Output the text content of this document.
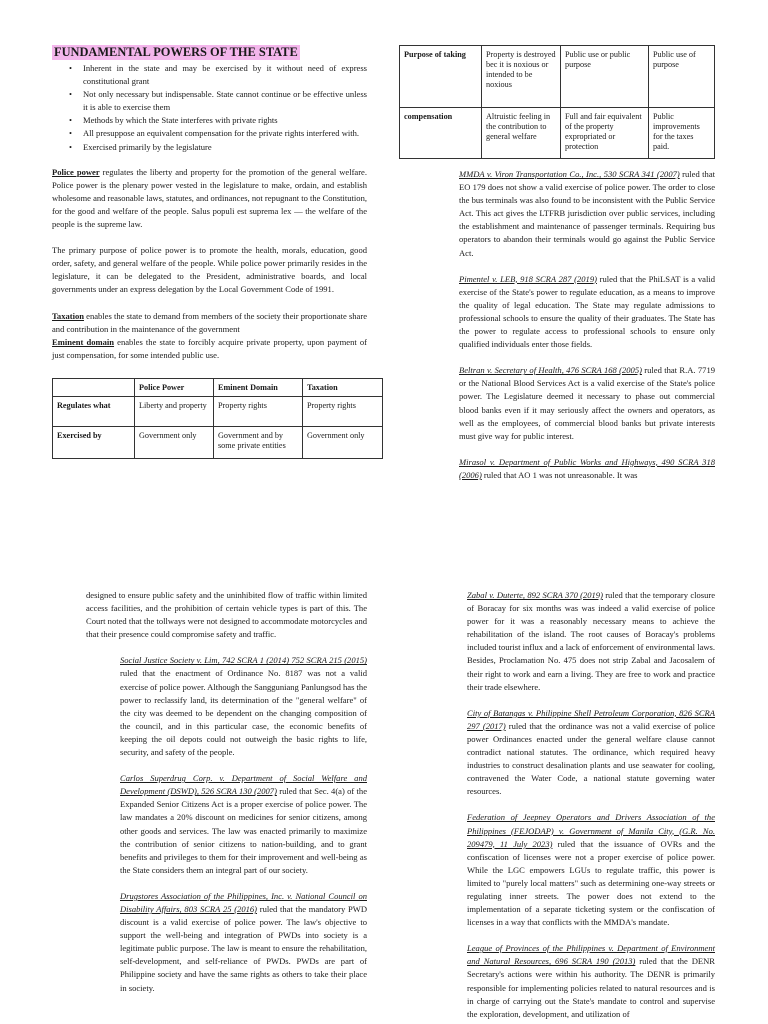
FUNDAMENTAL POWERS OF THE STATE
• Inherent in the state and may be exercised by it without need of express constitutional grant
• Not only necessary but indispensable. State cannot continue or be effective unless it is able to exercise them
• Methods by which the State interferes with private rights
• All presuppose an equivalent compensation for the private rights interfered with.
• Exercised primarily by the legislature

Police power regulates the liberty and property for the promotion of the general welfare. Police power is the plenary power vested in the legislature to make, ordain, and establish wholesome and reasonable laws, statutes, and ordinances, not repugnant to the Constitution, for the good and welfare of the people. Salus populi est suprema lex — the welfare of the people is the supreme law.

The primary purpose of police power is to promote the health, morals, education, good order, safety, and general welfare of the people. While police power primarily resides in the legislature, it can be delegated to the President, administrative boards, and local governments under an express delegation by the Local Government Code of 1991.

Taxation enables the state to demand from members of the society their proportionate share and contribution in the maintenance of the government
Eminent domain enables the state to forcibly acquire private property, upon payment of just compensation, for some intended public use.

	Police Power	Eminent Domain	Taxation
Regulates what	Liberty and property	Property rights	Property rights
Exercised by	Government only	Government and by some private entities	Government only
Purpose of taking	Property is destroyed bec it is noxious or intended to be noxious	Public use or public purpose	Public use of purpose
compensation	Altruistic feeling in the contribution to general welfare	Full and fair equivalent of the property expropriated or protection	Public improvements for the taxes paid.

MMDA v. Viron Transportation Co., Inc., 530 SCRA 341 (2007) ruled that EO 179 does not show a valid exercise of police power. The order to close the bus terminals was also found to be inconsistent with the Public Service Act. This act gives the LTFRB jurisdiction over public services, including the establishment and maintenance of passenger terminals. Requiring bus operators to abandon their terminals would go against the Public Service Act.

Pimentel v. LEB, 918 SCRA 287 (2019) ruled that the PhiLSAT is a valid exercise of the State's power to regulate education, as a means to improve the quality of legal education. The State may regulate admissions to professional schools to ensure the quality of their graduates. The State has the power to regulate access to professional schools to ensure only qualified individuals enter those fields.

Beltran v. Secretary of Health, 476 SCRA 168 (2005) ruled that R.A. 7719 or the National Blood Services Act is a valid exercise of the State's police power. The Legislature deemed it necessary to phase out commercial blood banks even if it may seriously affect the owners and operators, as well as the employees, of commercial blood banks but private interests must give way for public interest.

Mirasol v. Department of Public Works and Highways, 490 SCRA 318 (2006) ruled that AO 1 was not unreasonable. It was

designed to ensure public safety and the uninhibited flow of traffic within limited access facilities, and the prohibition of certain vehicle types is part of this. The Court noted that the tollways were not designed to accommodate motorcycles and that their presence could compromise safety and traffic.

Social Justice Society v. Lim, 742 SCRA 1 (2014) 752 SCRA 215 (2015) ruled that the enactment of Ordinance No. 8187 was not a valid exercise of police power. Although the Sangguniang Panlungsod has the power to reclassify land, its determination of the "general welfare" of the city was deemed to be dependent on the changing composition of the council, and in this particular case, the economic benefits of keeping the oil depots could not outweigh the basic rights to life, security, and safety of the people.

Carlos Superdrug Corp. v. Department of Social Welfare and Development (DSWD), 526 SCRA 130 (2007) ruled that Sec. 4(a) of the Expanded Senior Citizens Act is a proper exercise of police power. The law mandates a 20% discount on medicines for senior citizens, among other goods and services. The law was enacted primarily to maximize the contribution of senior citizens to nation-building, and to grant benefits and privileges to them for their improvement and well-being as the State considers them an integral part of our society.

Drugstores Association of the Philippines, Inc. v. National Council on Disability Affairs, 803 SCRA 25 (2016) ruled that the mandatory PWD discount is a valid exercise of police power. The law's objective to support the well-being and integration of PWDs into society is a legitimate public purpose. The law is meant to ensure the rehabilitation, self-development, and self-reliance of PWDs. PWDs are part of Philippine society and have the same rights as others to take their place in society.

Zabal v. Duterte, 892 SCRA 370 (2019) ruled that the temporary closure of Boracay for six months was was indeed a valid exercise of police power for it was a reasonably necessary means to achieve the rehabilitation of the island. The root causes of Boracay's problems included tourist influx and a lack of enforcement of environmental laws. Besides, Proclamation No. 475 does not strip Zabal and Jacosalem of their right to work and earn a living. They are free to work and practice their trade elsewhere.

City of Batangas v. Philippine Shell Petroleum Corporation, 826 SCRA 297 (2017) ruled that the ordinance was not a valid exercise of police power Ordinances enacted under the general welfare clause cannot contradict national statutes. The ordinance, which required heavy industries to construct desalination plants and use seawater for cooling, contravened the Water Code, a national statute governing water resources.

Federation of Jeepney Operators and Drivers Association of the Philippines (FEJODAP) v. Government of Manila City, (G.R. No. 209479, 11 July 2023) ruled that the issuance of OVRs and the confiscation of licenses were not a proper exercise of police power. While the LGC empowers LGUs to regulate traffic, this power is limited to "purely local matters" such as determining one-way streets or regulating inner streets. The power does not extend to the implementation of a separate ticketing system or the confiscation of licenses in a way that conflicts with the MMDA's mandate.

League of Provinces of the Philippines v. Department of Environment and Natural Resources, 696 SCRA 190 (2013) ruled that the DENR Secretary's actions were within his authority. The DENR is primarily responsible for implementing policies related to natural resources and is in charge of carrying out the State's mandate to control and supervise the exploration, development, and utilization of
